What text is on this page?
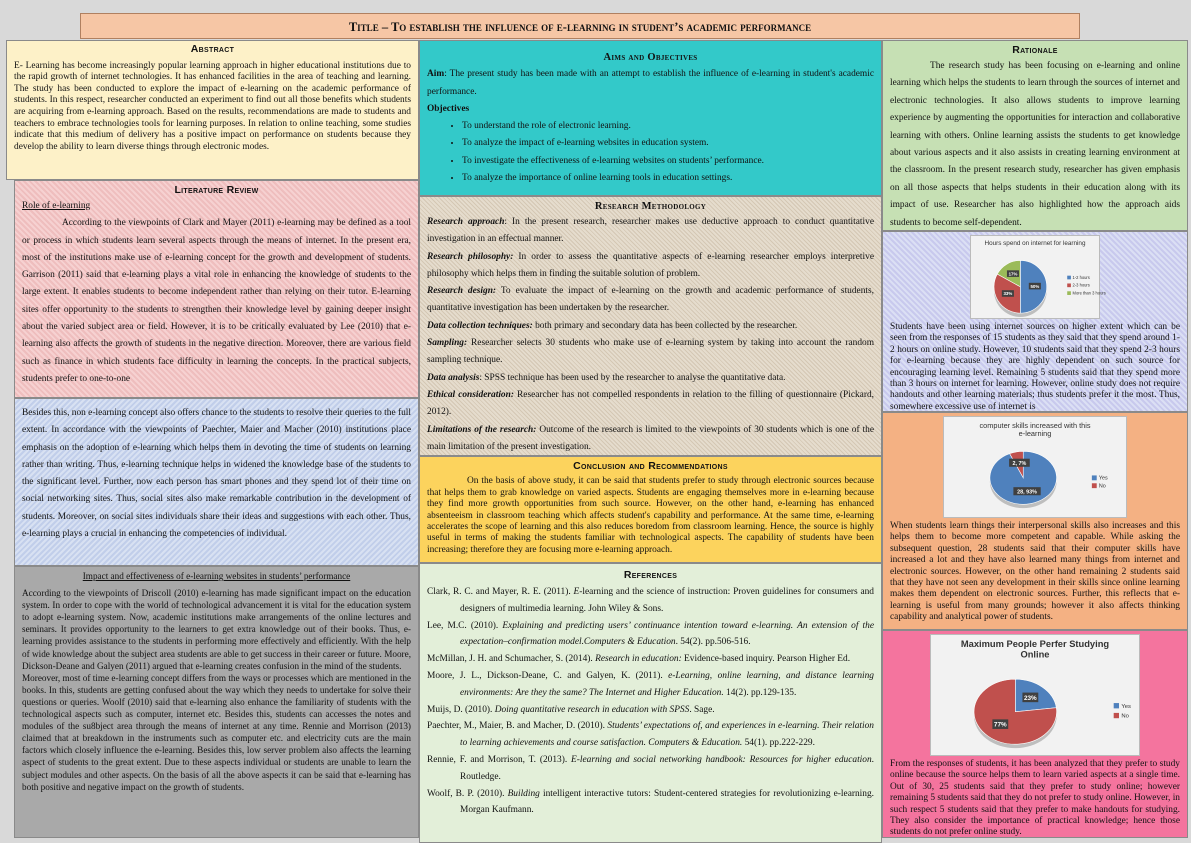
Title – To establish the influence of e-learning in student’s academic performance
Abstract
E- Learning has become increasingly popular learning approach in higher educational institutions due to the rapid growth of internet technologies. It has enhanced facilities in the area of teaching and learning. The study has been conducted to explore the impact of e-learning on the academic performance of students. In this respect, researcher conducted an experiment to find out all those benefits which students are acquiring from e-learning approach. Based on the results, recommendations are made to students and teachers to embrace technologies tools for learning purposes. In relation to online teaching, some studies indicate that this medium of delivery has a positive impact on performance on students because they develop the ability to learn diverse things through electronic modes.
Literature Review
Role of e-learning
According to the viewpoints of Clark and Mayer (2011) e-learning may be defined as a tool or process in which students learn several aspects through the means of internet. In the present era, most of the institutions make use of e-learning concept for the growth and development of students. Garrison (2011) said that e-learning plays a vital role in enhancing the knowledge of students to the large extent. It enables students to become independent rather than relying on their tutor. E-learning sites offer opportunity to the students to strengthen their knowledge level by gaining deeper insight about the varied subject area or field. However, it is to be critically evaluated by Lee (2010) that e-learning also affects the growth of students in the negative direction. Moreover, there are various field such as finance in which students face difficulty in learning the concepts. In the practical subjects, students prefer to one-to-one
Besides this, non e-learning concept also offers chance to the students to resolve their queries to the full extent. In accordance with the viewpoints of Paechter, Maier and Macher (2010) institutions place emphasis on the adoption of e-learning which helps them in devoting the time of students on learning rather than writing. Thus, e-learning technique helps in widened the knowledge base of the students to the significant level. Further, now each person has smart phones and they spend lot of their time on social networking sites. Thus, social sites also make remarkable contribution in the development of students. Moreover, on social sites individuals share their ideas and suggestions with each other. Thus, e-learning plays a crucial in enhancing the competencies of individual.
Impact and effectiveness of e-learning websites in students’ performance
According to the viewpoints of Driscoll (2010) e-learning has made significant impact on the education system. In order to cope with the world of technological advancement it is vital for the education system to adopt e-learning system. Now, academic institutions make arrangements of the online lectures and seminars. It provides opportunity to the learners to get extra knowledge out of their books. Thus, e-learning provides assistance to the students in performing more effectively and efficiently. With the help of wide knowledge about the subject area students are able to get success in their career or future. Moore, Dickson-Deane and Galyen (2011) argued that e-learning creates confusion in the mind of the students.
Moreover, most of time e-learning concept differs from the ways or processes which are mentioned in the books. In this, students are getting confused about the way which they needs to undertake for solve their questions or queries. Woolf (2010) said that e-learning also enhance the familiarity of students with the technological aspects such as computer, internet etc. Besides this, students can accesses the notes and modules of the su8bject area through the means of internet at any time. Rennie and Morrison (2013) claimed that at breakdown in the instruments such as computer etc. and electricity cuts are the main factors which closely influence the e-learning. Besides this, low server problem also affects the learning aspect of students to the great extent. Due to these aspects individual or students are unable to learn the subject modules and other aspects. On the basis of all the above aspects it can be said that e-learning has both positive and negative impact on the growth of students.
Aims and Objectives
Aim: The present study has been made with an attempt to establish the influence of e-learning in student's academic performance.
Objectives
• To understand the role of electronic learning.
• To analyze the impact of e-learning websites in education system.
• To investigate the effectiveness of e-learning websites on students’ performance.
• To analyze the importance of online learning tools in education settings.
Research Methodology
Research approach: In the present research, researcher makes use deductive approach to conduct quantitative investigation in an effectual manner.
Research philosophy: In order to assess the quantitative aspects of e-learning researcher employs interpretive philosophy which helps them in finding the suitable solution of problem.
Research design: To evaluate the impact of e-learning on the growth and academic performance of students, quantitative investigation has been undertaken by the researcher.
Data collection techniques: both primary and secondary data has been collected by the researcher.
Sampling: Researcher selects 30 students who make use of e-learning system by taking into account the random sampling technique.
Data analysis: SPSS technique has been used by the researcher to analyse the quantitative data.
Ethical consideration: Researcher has not compelled respondents in relation to the filling of questionnaire (Pickard, 2012).
Limitations of the research: Outcome of the research is limited to the viewpoints of 30 students which is one of the main limitation of the present investigation.
Conclusion and Recommendations
On the basis of above study, it can be said that students prefer to study through electronic sources because that helps them to grab knowledge on varied aspects. Students are engaging themselves more in e-learning because they find more growth opportunities from such source. However, on the other hand, e-learning has enhanced absenteeism in classroom teaching which affects student's capability and performance. At the same time, e-learning accelerates the scope of learning and this also reduces boredom from classroom learning. Hence, the source is highly useful in terms of making the students familiar with technological aspects. The capability of students have been increasing; therefore they are focusing more e-learning approach.
References
Clark, R. C. and Mayer, R. E. (2011). E-learning and the science of instruction: Proven guidelines for consumers and designers of multimedia learning. John Wiley & Sons.
Lee, M.C. (2010). Explaining and predicting users’ continuance intention toward e-learning. An extension of the expectation–confirmation model.Computers & Education. 54(2). pp.506-516.
McMillan, J. H. and Schumacher, S. (2014). Research in education: Evidence-based inquiry. Pearson Higher Ed.
Moore, J. L., Dickson-Deane, C. and Galyen, K. (2011). e-Learning, online learning, and distance learning environments: Are they the same? The Internet and Higher Education. 14(2). pp.129-135.
Muijs, D. (2010). Doing quantitative research in education with SPSS. Sage.
Paechter, M., Maier, B. and Macher, D. (2010). Students’ expectations of, and experiences in e-learning. Their relation to learning achievements and course satisfaction. Computers & Education. 54(1). pp.222-229.
Rennie, F. and Morrison, T. (2013). E-learning and social networking handbook: Resources for higher education. Routledge.
Woolf, B. P. (2010). Building intelligent interactive tutors: Student-centered strategies for revolutionizing e-learning. Morgan Kaufmann.
Rationale
The research study has been focusing on e-learning and online learning which helps the students to learn through the sources of internet and electronic technologies. It also allows students to improve learning experience by augmenting the opportunities for interaction and collaborative learning with others. Online learning assists the students to get knowledge about various aspects and it also assists in creating learning environment at the classroom. In the present research study, researcher has given emphasis on all those aspects that helps students in their education along with its impact of use. Researcher has also highlighted how the approach aids students to become self-dependent.
Hours spend on internet for learning
50%
33%
17%
1-2 hours
2-3 hours
More than 3 hours
Students have been using internet sources on higher extent which can be seen from the responses of 15 students as they said that they spend around 1-2 hours on online study. However, 10 students said that they spend 2-3 hours for e-learning because they are highly dependent on such source for encouraging learning level. Remaining 5 students said that they spend more than 3 hours on internet for learning. However, online study does not require handouts and other learning materials; thus students prefer it the most. Thus, somewhere excessive use of internet is
computer skills increased with this e-learning
28, 93%
2, 7%
Yes
No
When students learn things their interpersonal skills also increases and this helps them to become more competent and capable. While asking the subsequent question, 28 students said that their computer skills have increased a lot and they have also learned many things from internet and electronic sources. However, on the other hand remaining 2 students said that they have not seen any development in their skills since online learning makes them dependent on electronic sources. Further, this reflects that e-learning is useful from many grounds; however it also affects thinking capability and analytical power of students.
Maximum People Perfer Studying Online
23%
77%
Yes
No
From the responses of students, it has been analyzed that they prefer to study online because the source helps them to learn varied aspects at a single time. Out of 30, 25 students said that they prefer to study online; however remaining 5 students said that they do not prefer to study online. However, in such respect 5 students said that they prefer to make handouts for studying. They also consider the importance of practical knowledge; hence those students do not prefer online study.
